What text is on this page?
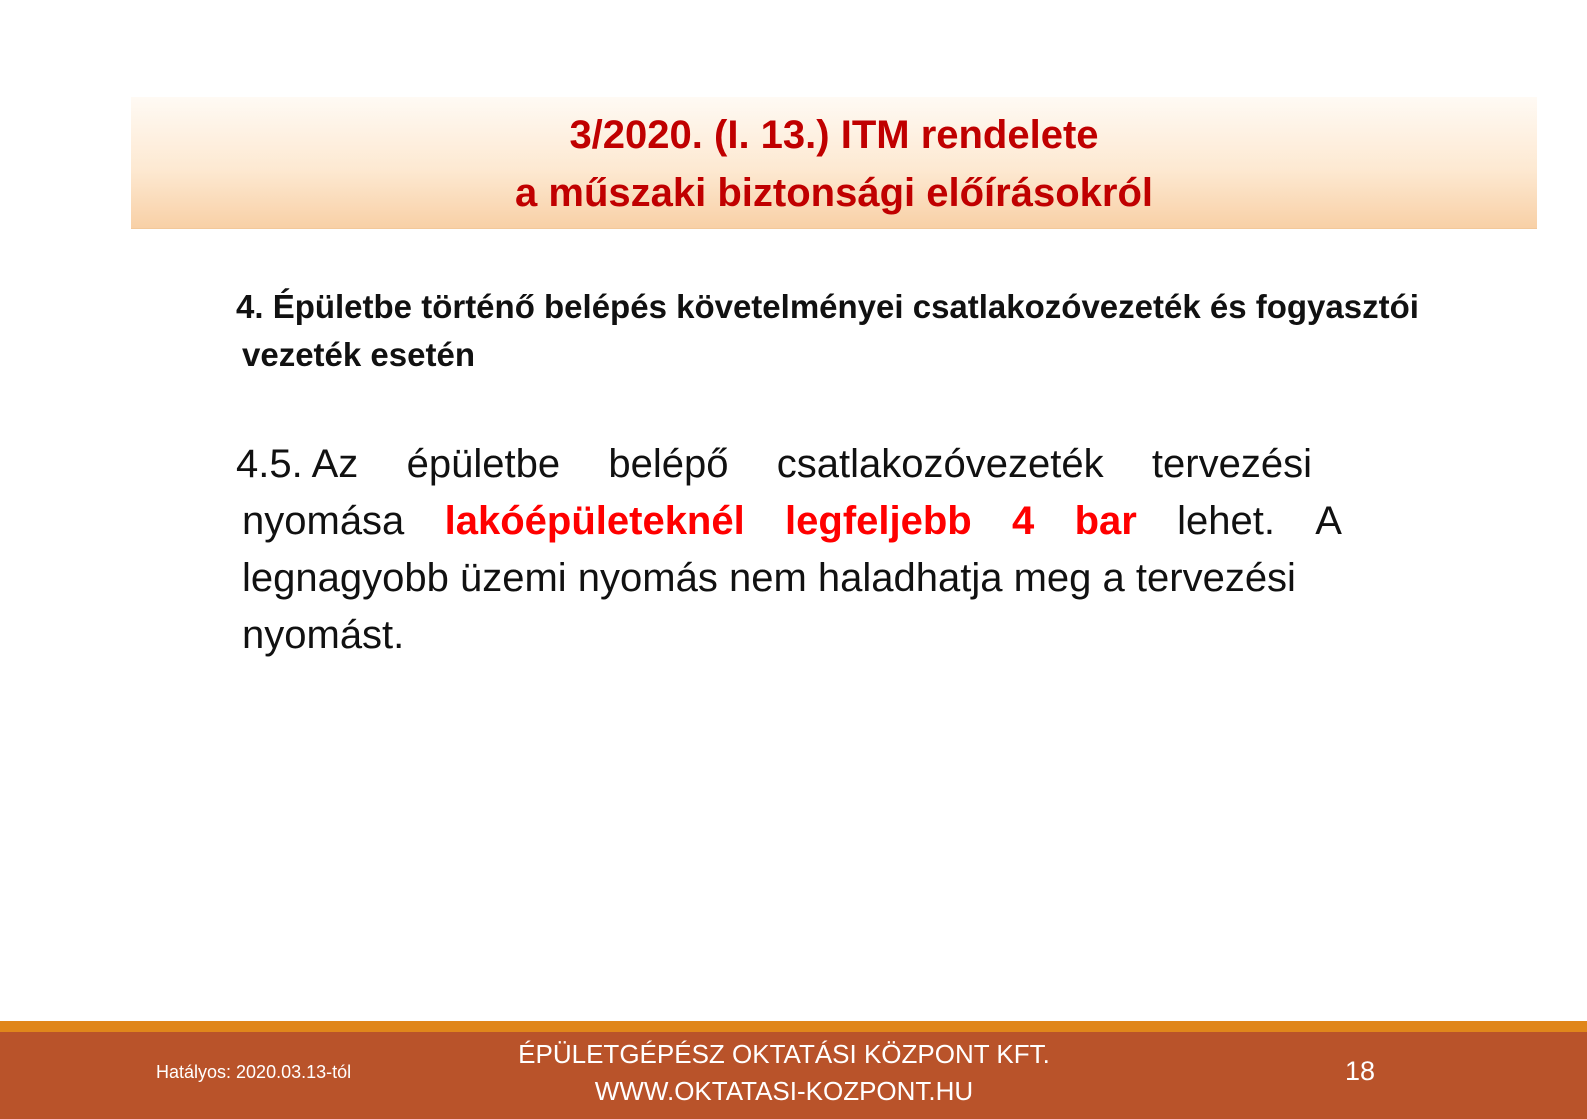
3/2020. (I. 13.) ITM rendelete
a műszaki biztonsági előírásokról
4. Épületbe történő belépés követelményei csatlakozóvezeték és fogyasztói
vezeték esetén
4.5. Az épületbe belépő csatlakozóvezeték tervezési
nyomása lakóépületeknél legfeljebb 4 bar lehet. A
legnagyobb üzemi nyomás nem haladhatja meg a tervezési
nyomást.
Hatályos: 2020.03.13-tól
ÉPÜLETGÉPÉSZ OKTATÁSI KÖZPONT KFT.
WWW.OKTATASI-KOZPONT.HU
18
